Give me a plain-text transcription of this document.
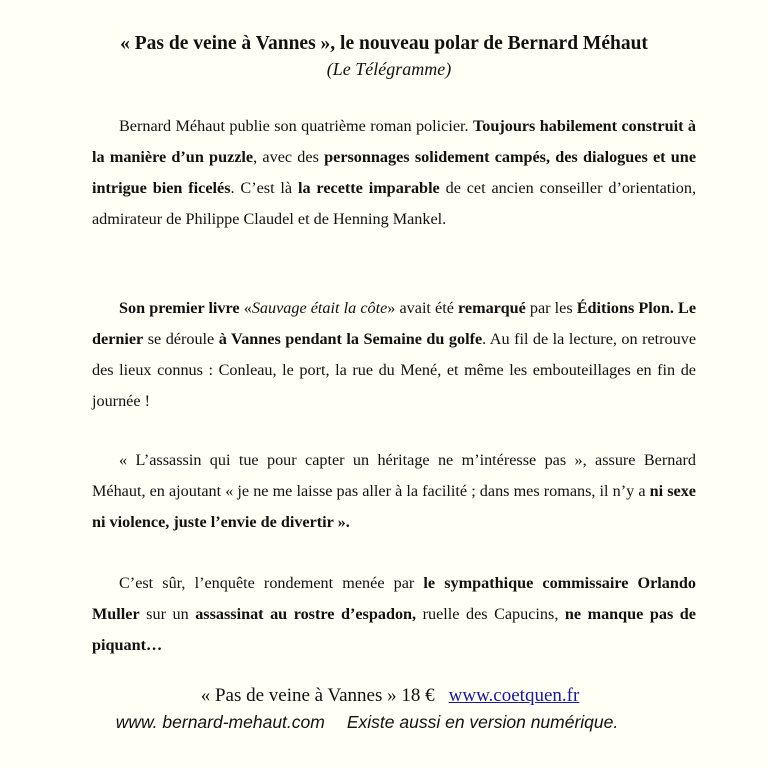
« Pas de veine à Vannes », le nouveau polar de Bernard Méhaut
(Le Télégramme)

Bernard Méhaut publie son quatrième roman policier. Toujours habilement construit à la manière d’un puzzle, avec des personnages solidement campés, des dialogues et une intrigue bien ficelés. C’est là la recette imparable de cet ancien conseiller d’orientation, admirateur de Philippe Claudel et de Henning Mankel.

Son premier livre «Sauvage était la côte» avait été remarqué par les Éditions Plon. Le dernier se déroule à Vannes pendant la Semaine du golfe. Au fil de la lecture, on retrouve des lieux connus : Conleau, le port, la rue du Mené, et même les embouteillages en fin de journée !

« L’assassin qui tue pour capter un héritage ne m’intéresse pas », assure Bernard Méhaut, en ajoutant « je ne me laisse pas aller à la facilité ; dans mes romans, il n’y a ni sexe ni violence, juste l’envie de divertir ».

C’est sûr, l’enquête rondement menée par le sympathique commissaire Orlando Muller sur un assassinat au rostre d’espadon, ruelle des Capucins, ne manque pas de piquant…

« Pas de veine à Vannes » 18 € www.coetquen.fr
www. bernard-mehaut.com Existe aussi en version numérique.
